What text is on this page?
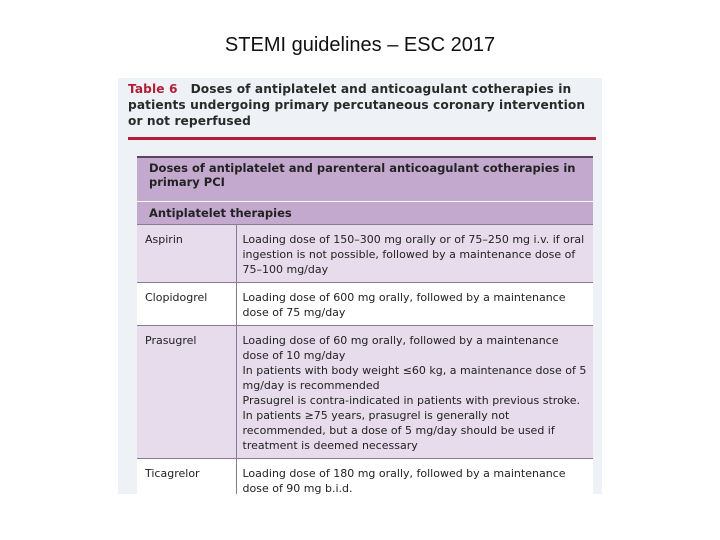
STEMI guidelines – ESC 2017
Table 6 Doses of antiplatelet and anticoagulant cotherapies in patients undergoing primary percutaneous coronary intervention or not reperfused
Doses of antiplatelet and parenteral anticoagulant cotherapies in primary PCI	
Antiplatelet therapies	
Aspirin	Loading dose of 150–300 mg orally or of 75–250 mg i.v. if oral ingestion is not possible, followed by a maintenance dose of 75–100 mg/day

Clopidogrel	Loading dose of 600 mg orally, followed by a maintenance dose of 75 mg/day

Prasugrel	Loading dose of 60 mg orally, followed by a maintenance dose of 10 mg/day

In patients with body weight ≤60 kg, a maintenance dose of 5 mg/day is recommended

Prasugrel is contra-indicated in patients with previous stroke. In patients ≥75 years, prasugrel is generally not recommended, but a dose of 5 mg/day should be used if treatment is deemed necessary

Ticagrelor	Loading dose of 180 mg orally, followed by a maintenance dose of 90 mg b.i.d.
